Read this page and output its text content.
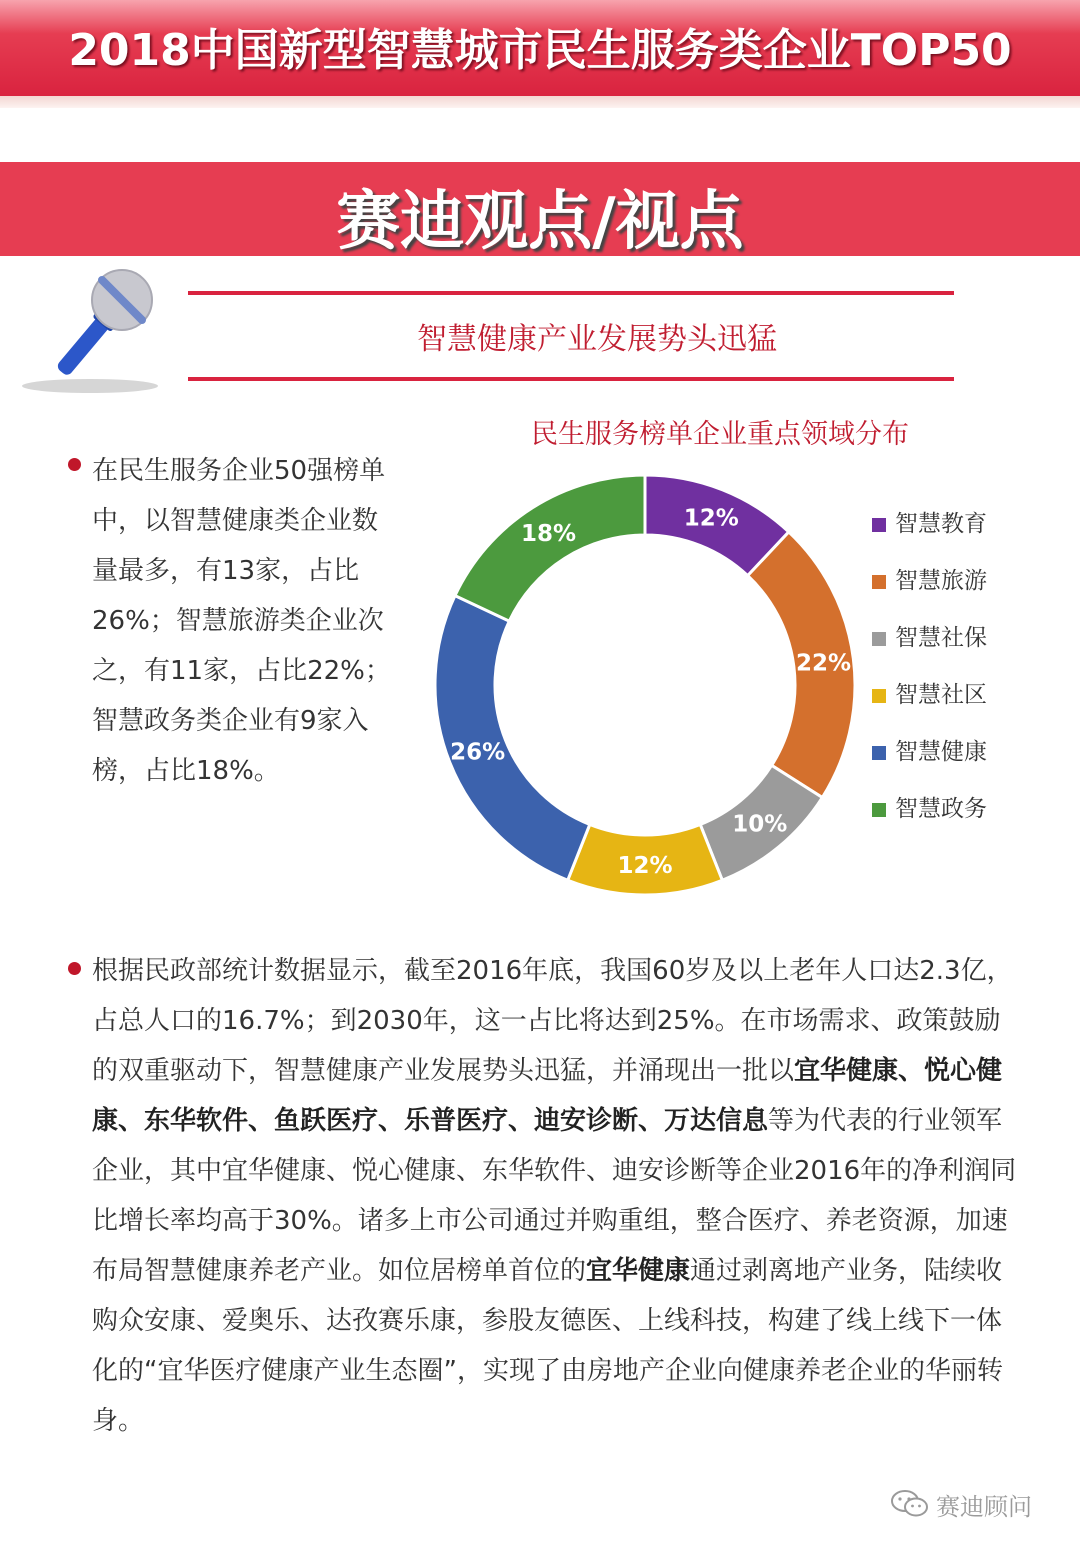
2018中国新型智慧城市民生服务类企业TOP50
赛迪观点/视点
智慧健康产业发展势头迅猛
在民生服务企业50强榜单中，以智慧健康类企业数量最多，有13家，占比26%；智慧旅游类企业次之，有11家，占比22%；智慧政务类企业有9家入榜，占比18%。
民生服务榜单企业重点领域分布
12%
22%
10%
12%
26%
18%	智慧教育
智慧旅游
智慧社保
智慧社区
智慧健康
智慧政务
根据民政部统计数据显示，截至2016年底，我国60岁及以上老年人口达2.3亿，占总人口的16.7%；到2030年，这一占比将达到25%。在市场需求、政策鼓励的双重驱动下，智慧健康产业发展势头迅猛，并涌现出一批以宜华健康、悦心健康、东华软件、鱼跃医疗、乐普医疗、迪安诊断、万达信息等为代表的行业领军企业，其中宜华健康、悦心健康、东华软件、迪安诊断等企业2016年的净利润同比增长率均高于30%。诸多上市公司通过并购重组，整合医疗、养老资源，加速布局智慧健康养老产业。如位居榜单首位的宜华健康通过剥离地产业务，陆续收购众安康、爱奥乐、达孜赛乐康，参股友德医、上线科技，构建了线上线下一体化的“宜华医疗健康产业生态圈”，实现了由房地产企业向健康养老企业的华丽转身。
赛迪顾问
